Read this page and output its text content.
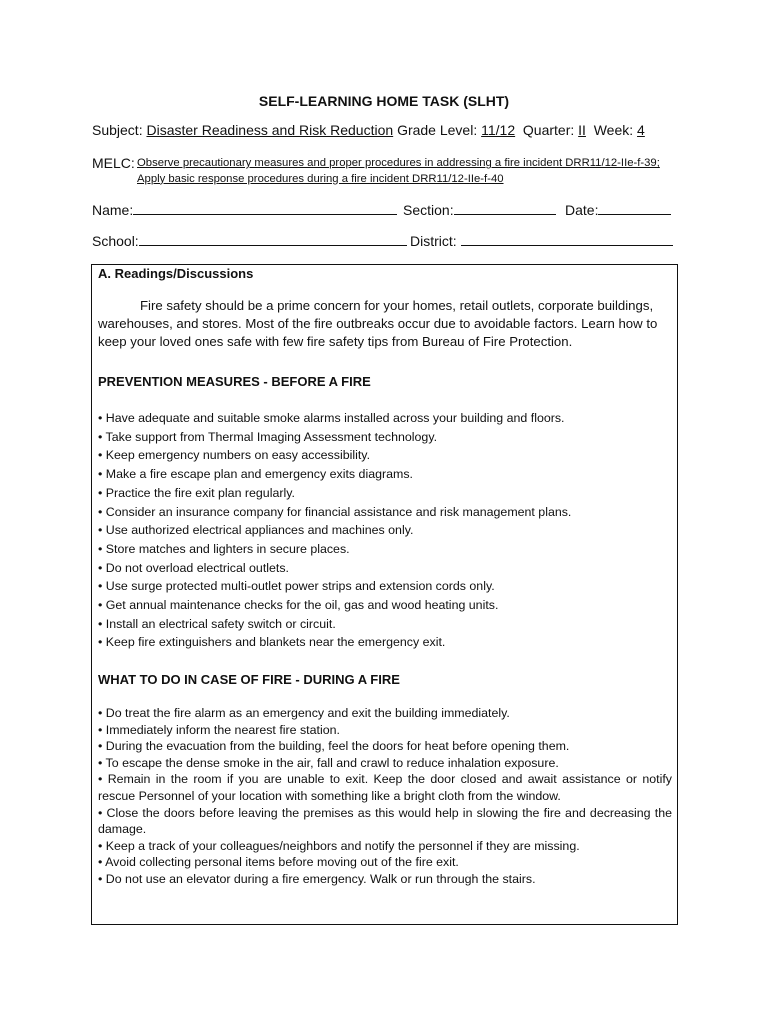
SELF-LEARNING HOME TASK (SLHT)
Subject: Disaster Readiness and Risk Reduction Grade Level: 11/12 Quarter: II Week: 4
MELC: Observe precautionary measures and proper procedures in addressing a fire incident DRR11/12-IIe-f-39;
Apply basic response procedures during a fire incident DRR11/12-IIe-f-40
Name:	Section:	Date:
School:	District:
A. Readings/Discussions

Fire safety should be a prime concern for your homes, retail outlets, corporate buildings, warehouses, and stores. Most of the fire outbreaks occur due to avoidable factors. Learn how to keep your loved ones safe with few fire safety tips from Bureau of Fire Protection.

PREVENTION MEASURES - BEFORE A FIRE
• Have adequate and suitable smoke alarms installed across your building and floors.
• Take support from Thermal Imaging Assessment technology.
• Keep emergency numbers on easy accessibility.
• Make a fire escape plan and emergency exits diagrams.
• Practice the fire exit plan regularly.
• Consider an insurance company for financial assistance and risk management plans.
• Use authorized electrical appliances and machines only.
• Store matches and lighters in secure places.
• Do not overload electrical outlets.
• Use surge protected multi-outlet power strips and extension cords only.
• Get annual maintenance checks for the oil, gas and wood heating units.
• Install an electrical safety switch or circuit.
• Keep fire extinguishers and blankets near the emergency exit.
WHAT TO DO IN CASE OF FIRE - DURING A FIRE
• Do treat the fire alarm as an emergency and exit the building immediately.
• Immediately inform the nearest fire station.
• During the evacuation from the building, feel the doors for heat before opening them.
• To escape the dense smoke in the air, fall and crawl to reduce inhalation exposure.
• Remain in the room if you are unable to exit. Keep the door closed and await assistance or notify rescue Personnel of your location with something like a bright cloth from the window.
• Close the doors before leaving the premises as this would help in slowing the fire and decreasing the damage.
• Keep a track of your colleagues/neighbors and notify the personnel if they are missing.
• Avoid collecting personal items before moving out of the fire exit.
• Do not use an elevator during a fire emergency. Walk or run through the stairs.
